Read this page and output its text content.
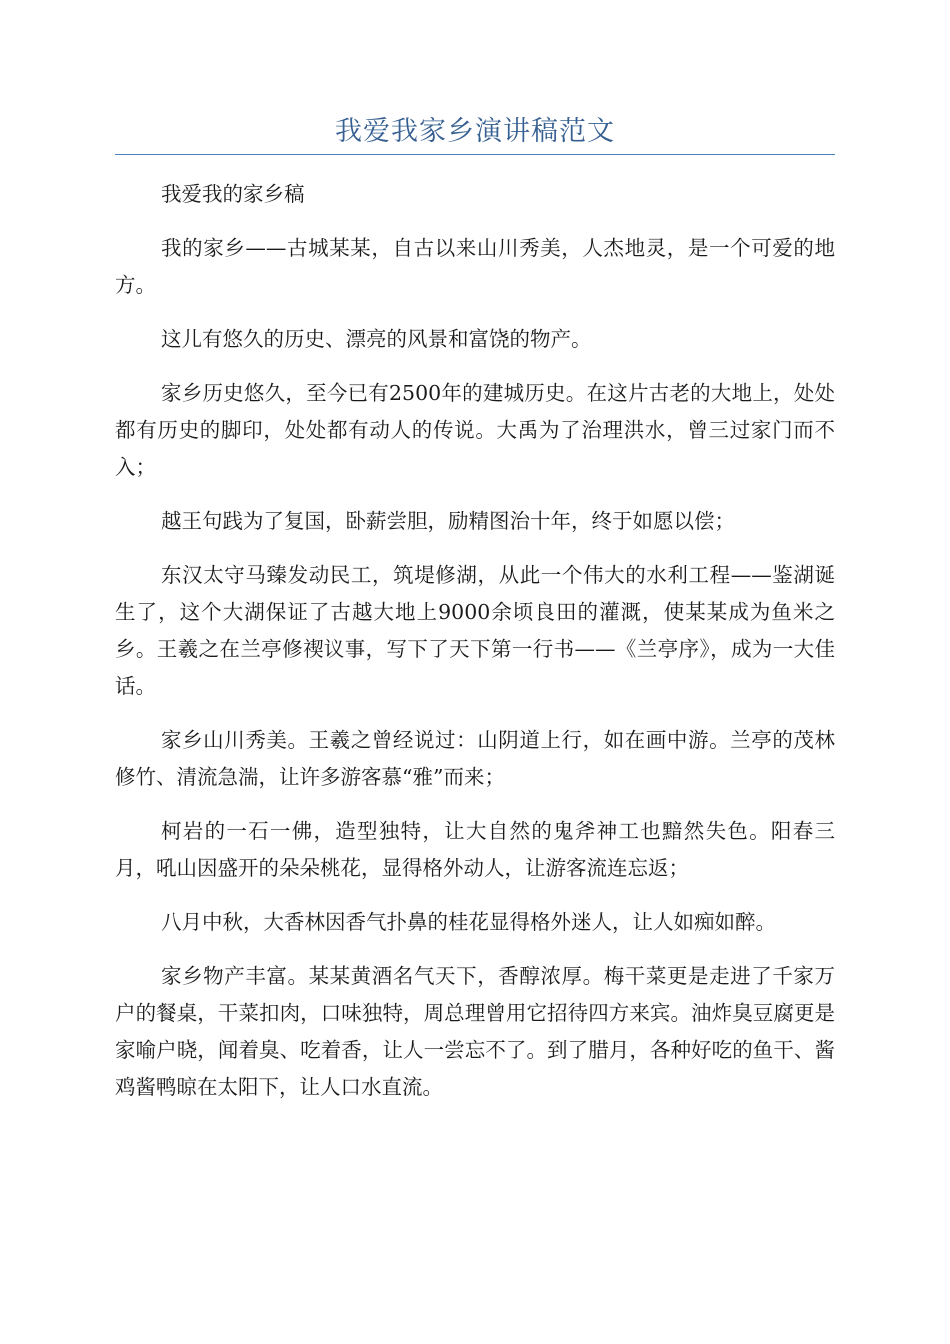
我爱我家乡演讲稿范文

我爱我的家乡稿

我的家乡——古城某某，自古以来山川秀美，人杰地灵，是一个可爱的地方。

这儿有悠久的历史、漂亮的风景和富饶的物产。

家乡历史悠久，至今已有2500年的建城历史。在这片古老的大地上，处处都有历史的脚印，处处都有动人的传说。大禹为了治理洪水，曾三过家门而不入；

越王句践为了复国，卧薪尝胆，励精图治十年，终于如愿以偿；

东汉太守马臻发动民工，筑堤修湖，从此一个伟大的水利工程——鉴湖诞生了，这个大湖保证了古越大地上9000余顷良田的灌溉，使某某成为鱼米之乡。王羲之在兰亭修禊议事，写下了天下第一行书——《兰亭序》，成为一大佳话。

家乡山川秀美。王羲之曾经说过：山阴道上行，如在画中游。兰亭的茂林修竹、清流急湍，让许多游客慕“雅”而来；

柯岩的一石一佛，造型独特，让大自然的鬼斧神工也黯然失色。阳春三月，吼山因盛开的朵朵桃花，显得格外动人，让游客流连忘返；

八月中秋，大香林因香气扑鼻的桂花显得格外迷人，让人如痴如醉。

家乡物产丰富。某某黄酒名气天下，香醇浓厚。梅干菜更是走进了千家万户的餐桌，干菜扣肉，口味独特，周总理曾用它招待四方来宾。油炸臭豆腐更是家喻户晓，闻着臭、吃着香，让人一尝忘不了。到了腊月，各种好吃的鱼干、酱鸡酱鸭晾在太阳下，让人口水直流。
